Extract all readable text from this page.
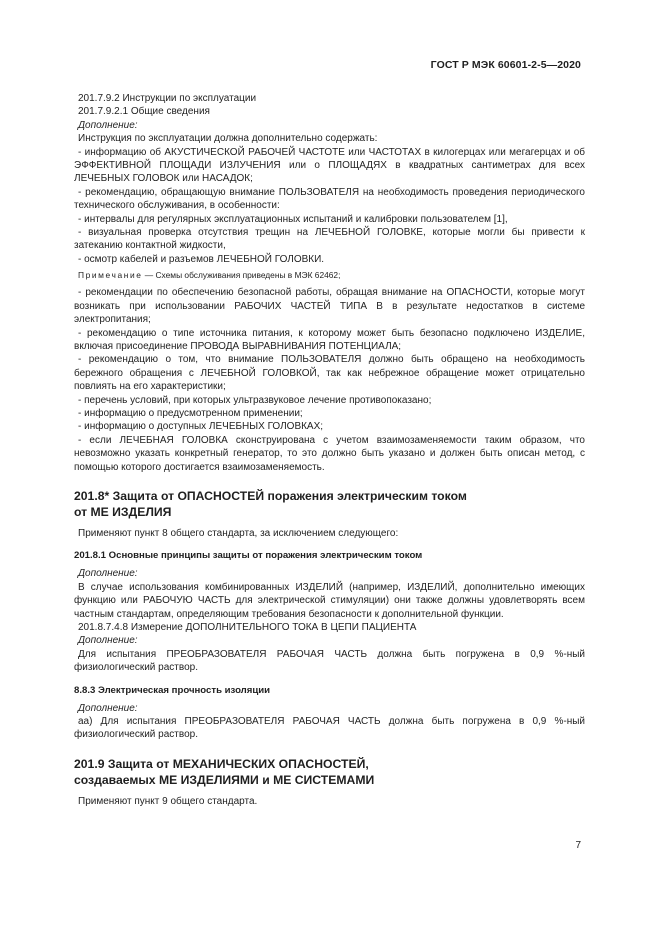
ГОСТ Р МЭК 60601-2-5—2020

201.7.9.2 Инструкции по эксплуатации

201.7.9.2.1 Общие сведения

Дополнение:

Инструкция по эксплуатации должна дополнительно содержать:

- информацию об АКУСТИЧЕСКОЙ РАБОЧЕЙ ЧАСТОТЕ или ЧАСТОТАХ в килогерцах или мегагерцах и об ЭФФЕКТИВНОЙ ПЛОЩАДИ ИЗЛУЧЕНИЯ или о ПЛОЩАДЯХ в квадратных сантиметрах для всех ЛЕЧЕБНЫХ ГОЛОВОК или НАСАДОК;

- рекомендацию, обращающую внимание ПОЛЬЗОВАТЕЛЯ на необходимость проведения периодического технического обслуживания, в особенности:

- интервалы для регулярных эксплуатационных испытаний и калибровки пользователем [1],

- визуальная проверка отсутствия трещин на ЛЕЧЕБНОЙ ГОЛОВКЕ, которые могли бы привести к затеканию контактной жидкости,

- осмотр кабелей и разъемов ЛЕЧЕБНОЙ ГОЛОВКИ.

Примечание — Схемы обслуживания приведены в МЭК 62462;

- рекомендации по обеспечению безопасной работы, обращая внимание на ОПАСНОСТИ, которые могут возникать при использовании РАБОЧИХ ЧАСТЕЙ ТИПА В в результате недостатков в системе электропитания;

- рекомендацию о типе источника питания, к которому может быть безопасно подключено ИЗДЕЛИЕ, включая присоединение ПРОВОДА ВЫРАВНИВАНИЯ ПОТЕНЦИАЛА;

- рекомендацию о том, что внимание ПОЛЬЗОВАТЕЛЯ должно быть обращено на необходимость бережного обращения с ЛЕЧЕБНОЙ ГОЛОВКОЙ, так как небрежное обращение может отрицательно повлиять на его характеристики;

- перечень условий, при которых ультразвуковое лечение противопоказано;

- информацию о предусмотренном применении;

- информацию о доступных ЛЕЧЕБНЫХ ГОЛОВКАХ;

- если ЛЕЧЕБНАЯ ГОЛОВКА сконструирована с учетом взаимозаменяемости таким образом, что невозможно указать конкретный генератор, то это должно быть указано и должен быть описан метод, с помощью которого достигается взаимозаменяемость.

201.8* Защита от ОПАСНОСТЕЙ поражения электрическим током
от МЕ ИЗДЕЛИЯ

Применяют пункт 8 общего стандарта, за исключением следующего:

201.8.1 Основные принципы защиты от поражения электрическим током

Дополнение:

В случае использования комбинированных ИЗДЕЛИЙ (например, ИЗДЕЛИЙ, дополнительно имеющих функцию или РАБОЧУЮ ЧАСТЬ для электрической стимуляции) они также должны удовлетворять всем частным стандартам, определяющим требования безопасности к дополнительной функции.

201.8.7.4.8 Измерение ДОПОЛНИТЕЛЬНОГО ТОКА В ЦЕПИ ПАЦИЕНТА

Дополнение:

Для испытания ПРЕОБРАЗОВАТЕЛЯ РАБОЧАЯ ЧАСТЬ должна быть погружена в 0,9 %-ный физиологический раствор.

8.8.3 Электрическая прочность изоляции

Дополнение:

аа) Для испытания ПРЕОБРАЗОВАТЕЛЯ РАБОЧАЯ ЧАСТЬ должна быть погружена в 0,9 %-ный физиологический раствор.

201.9 Защита от МЕХАНИЧЕСКИХ ОПАСНОСТЕЙ,
создаваемых МЕ ИЗДЕЛИЯМИ и МЕ СИСТЕМАМИ

Применяют пункт 9 общего стандарта.

7
